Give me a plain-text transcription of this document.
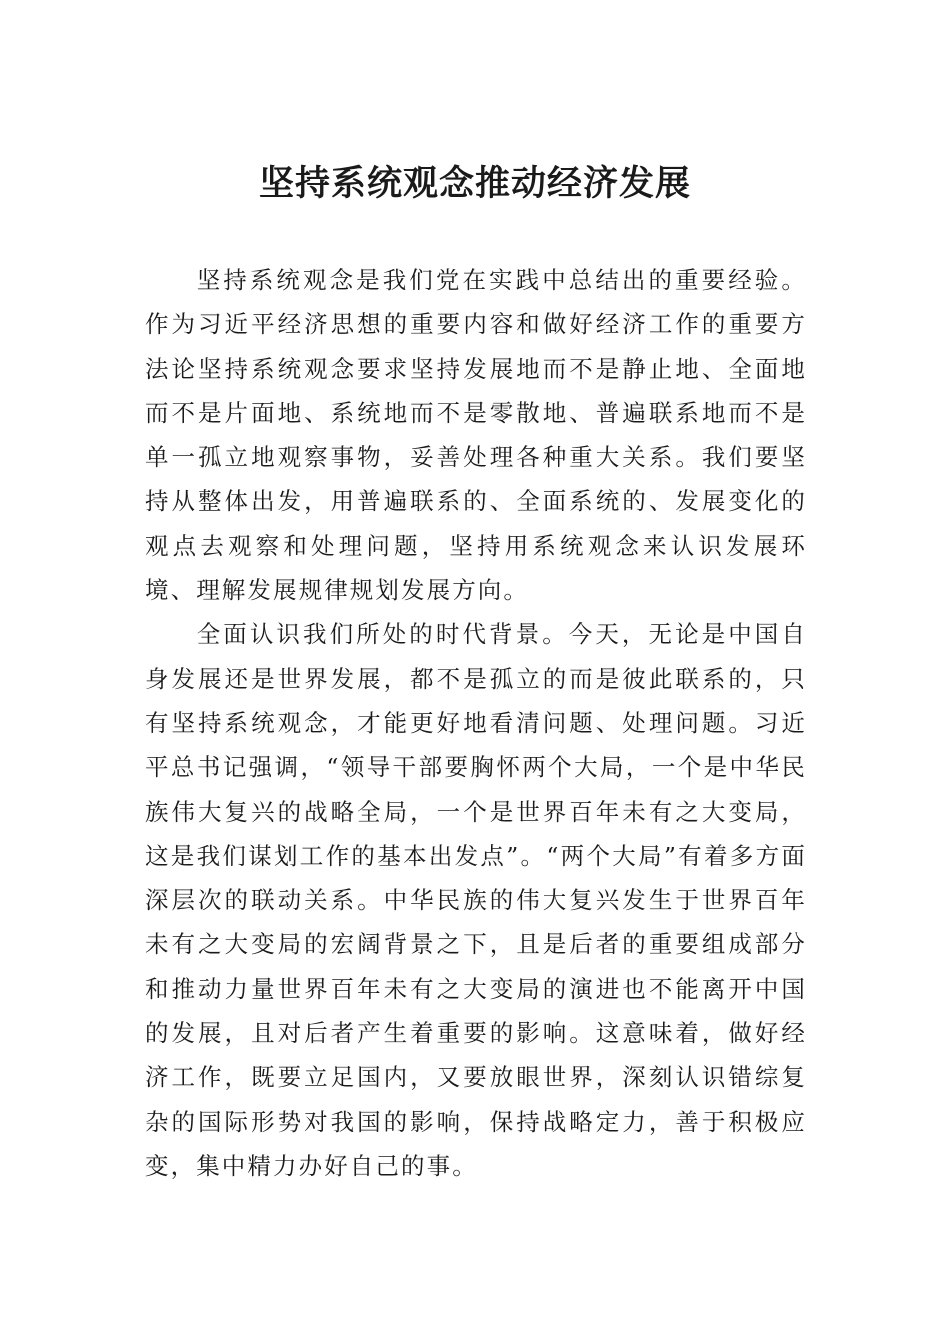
坚持系统观念推动经济发展

坚持系统观念是我们党在实践中总结出的重要经验。作为习近平经济思想的重要内容和做好经济工作的重要方法论坚持系统观念要求坚持发展地而不是静止地、全面地而不是片面地、系统地而不是零散地、普遍联系地而不是单一孤立地观察事物，妥善处理各种重大关系。我们要坚持从整体出发，用普遍联系的、全面系统的、发展变化的观点去观察和处理问题，坚持用系统观念来认识发展环境、理解发展规律规划发展方向。

全面认识我们所处的时代背景。今天，无论是中国自身发展还是世界发展，都不是孤立的而是彼此联系的，只有坚持系统观念，才能更好地看清问题、处理问题。习近平总书记强调，“领导干部要胸怀两个大局，一个是中华民族伟大复兴的战略全局，一个是世界百年未有之大变局，这是我们谋划工作的基本出发点”。“两个大局”有着多方面深层次的联动关系。中华民族的伟大复兴发生于世界百年未有之大变局的宏阔背景之下，且是后者的重要组成部分和推动力量世界百年未有之大变局的演进也不能离开中国的发展，且对后者产生着重要的影响。这意味着，做好经济工作，既要立足国内，又要放眼世界，深刻认识错综复杂的国际形势对我国的影响，保持战略定力，善于积极应变，集中精力办好自己的事。
